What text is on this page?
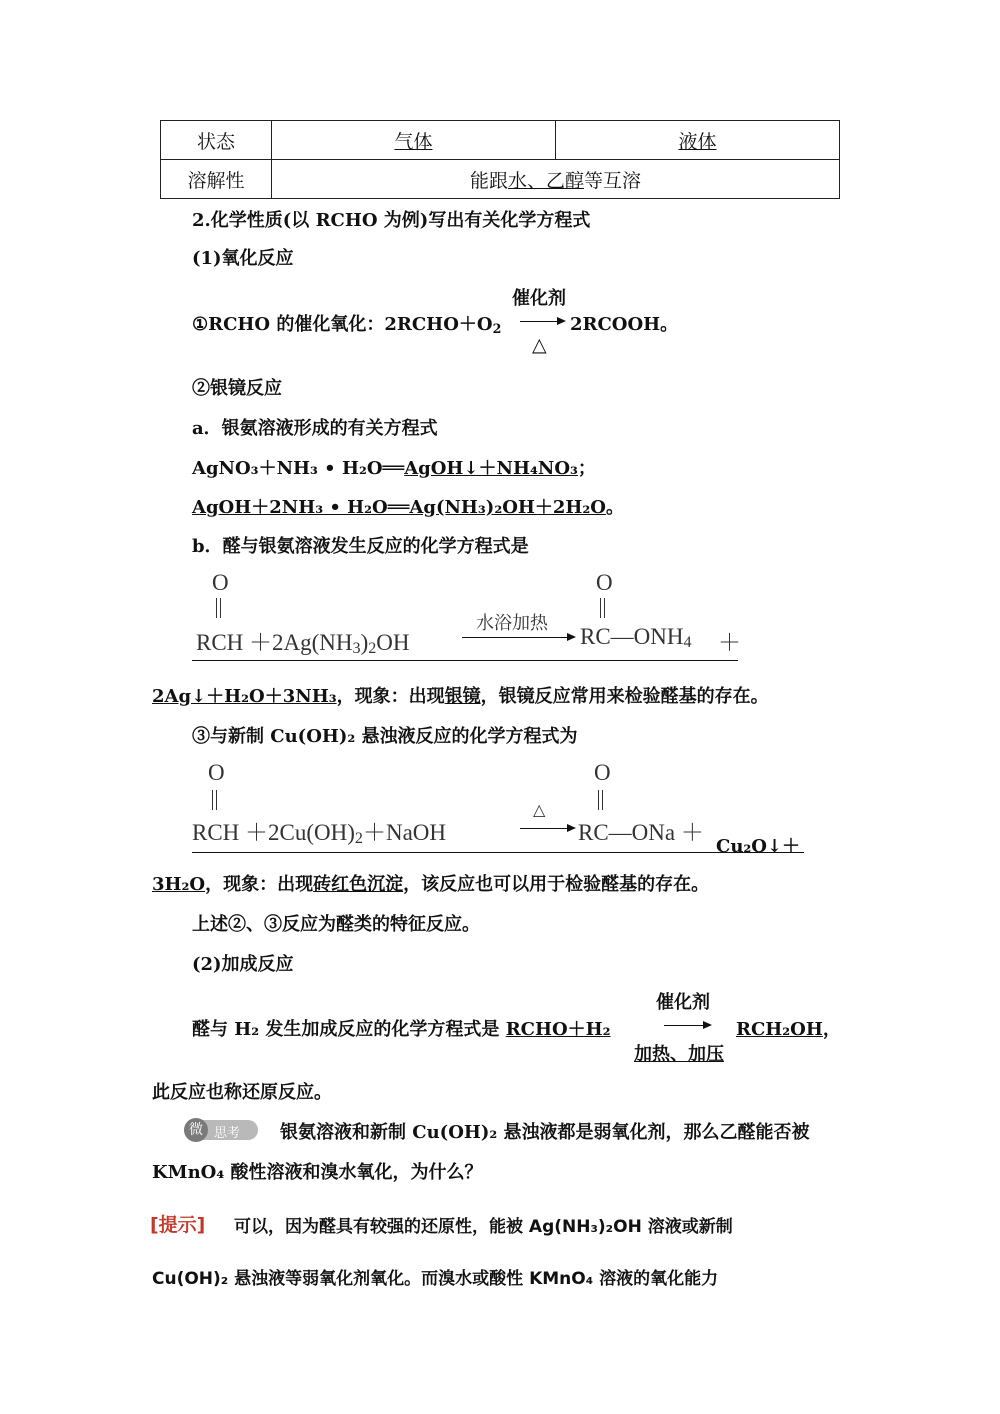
状态	气体	液体
溶解性	能跟水、乙醇等互溶	
2.化学性质(以 RCHO 为例)写出有关化学方程式
(1)氧化反应
催化剂
①RCHO 的催化氧化：$2RCHO+O_2$ → 2RCOOH。
△
②银镜反应
a．银氨溶液形成的有关方程式
AgNO₃＋NH₃ • H₂O══AgOH↓＋NH₄NO₃；
AgOH＋2NH₃ • H₂O══Ag(NH₃)₂OH＋2H₂O。
b．醛与银氨溶液发生反应的化学方程式是
O
RCH $+2Ag(NH_3)_2OH$
水浴加热
O
$RC—ONH_4$ ＋
2Ag↓＋H₂O＋3NH₃，现象：出现银镜，银镜反应常用来检验醛基的存在。
③与新制 Cu(OH)₂ 悬浊液反应的化学方程式为
O
RCH $+2Cu(OH)_2+NaOH$
△
O
RC—ONa ＋
Cu₂O↓＋
3H₂O，现象：出现砖红色沉淀，该反应也可以用于检验醛基的存在。
上述②、③反应为醛类的特征反应。
(2)加成反应
催化剂
醛与 H₂ 发生加成反应的化学方程式是 RCHO＋H₂	RCH₂OH，
加热、加压
此反应也称还原反应。
微 思考 银氨溶液和新制 Cu(OH)₂ 悬浊液都是弱氧化剂，那么乙醛能否被
KMnO₄ 酸性溶液和溴水氧化，为什么？
[提示] 可以，因为醛具有较强的还原性，能被 Ag(NH₃)₂OH 溶液或新制
Cu(OH)₂ 悬浊液等弱氧化剂氧化。而溴水或酸性 KMnO₄ 溶液的氧化能力
